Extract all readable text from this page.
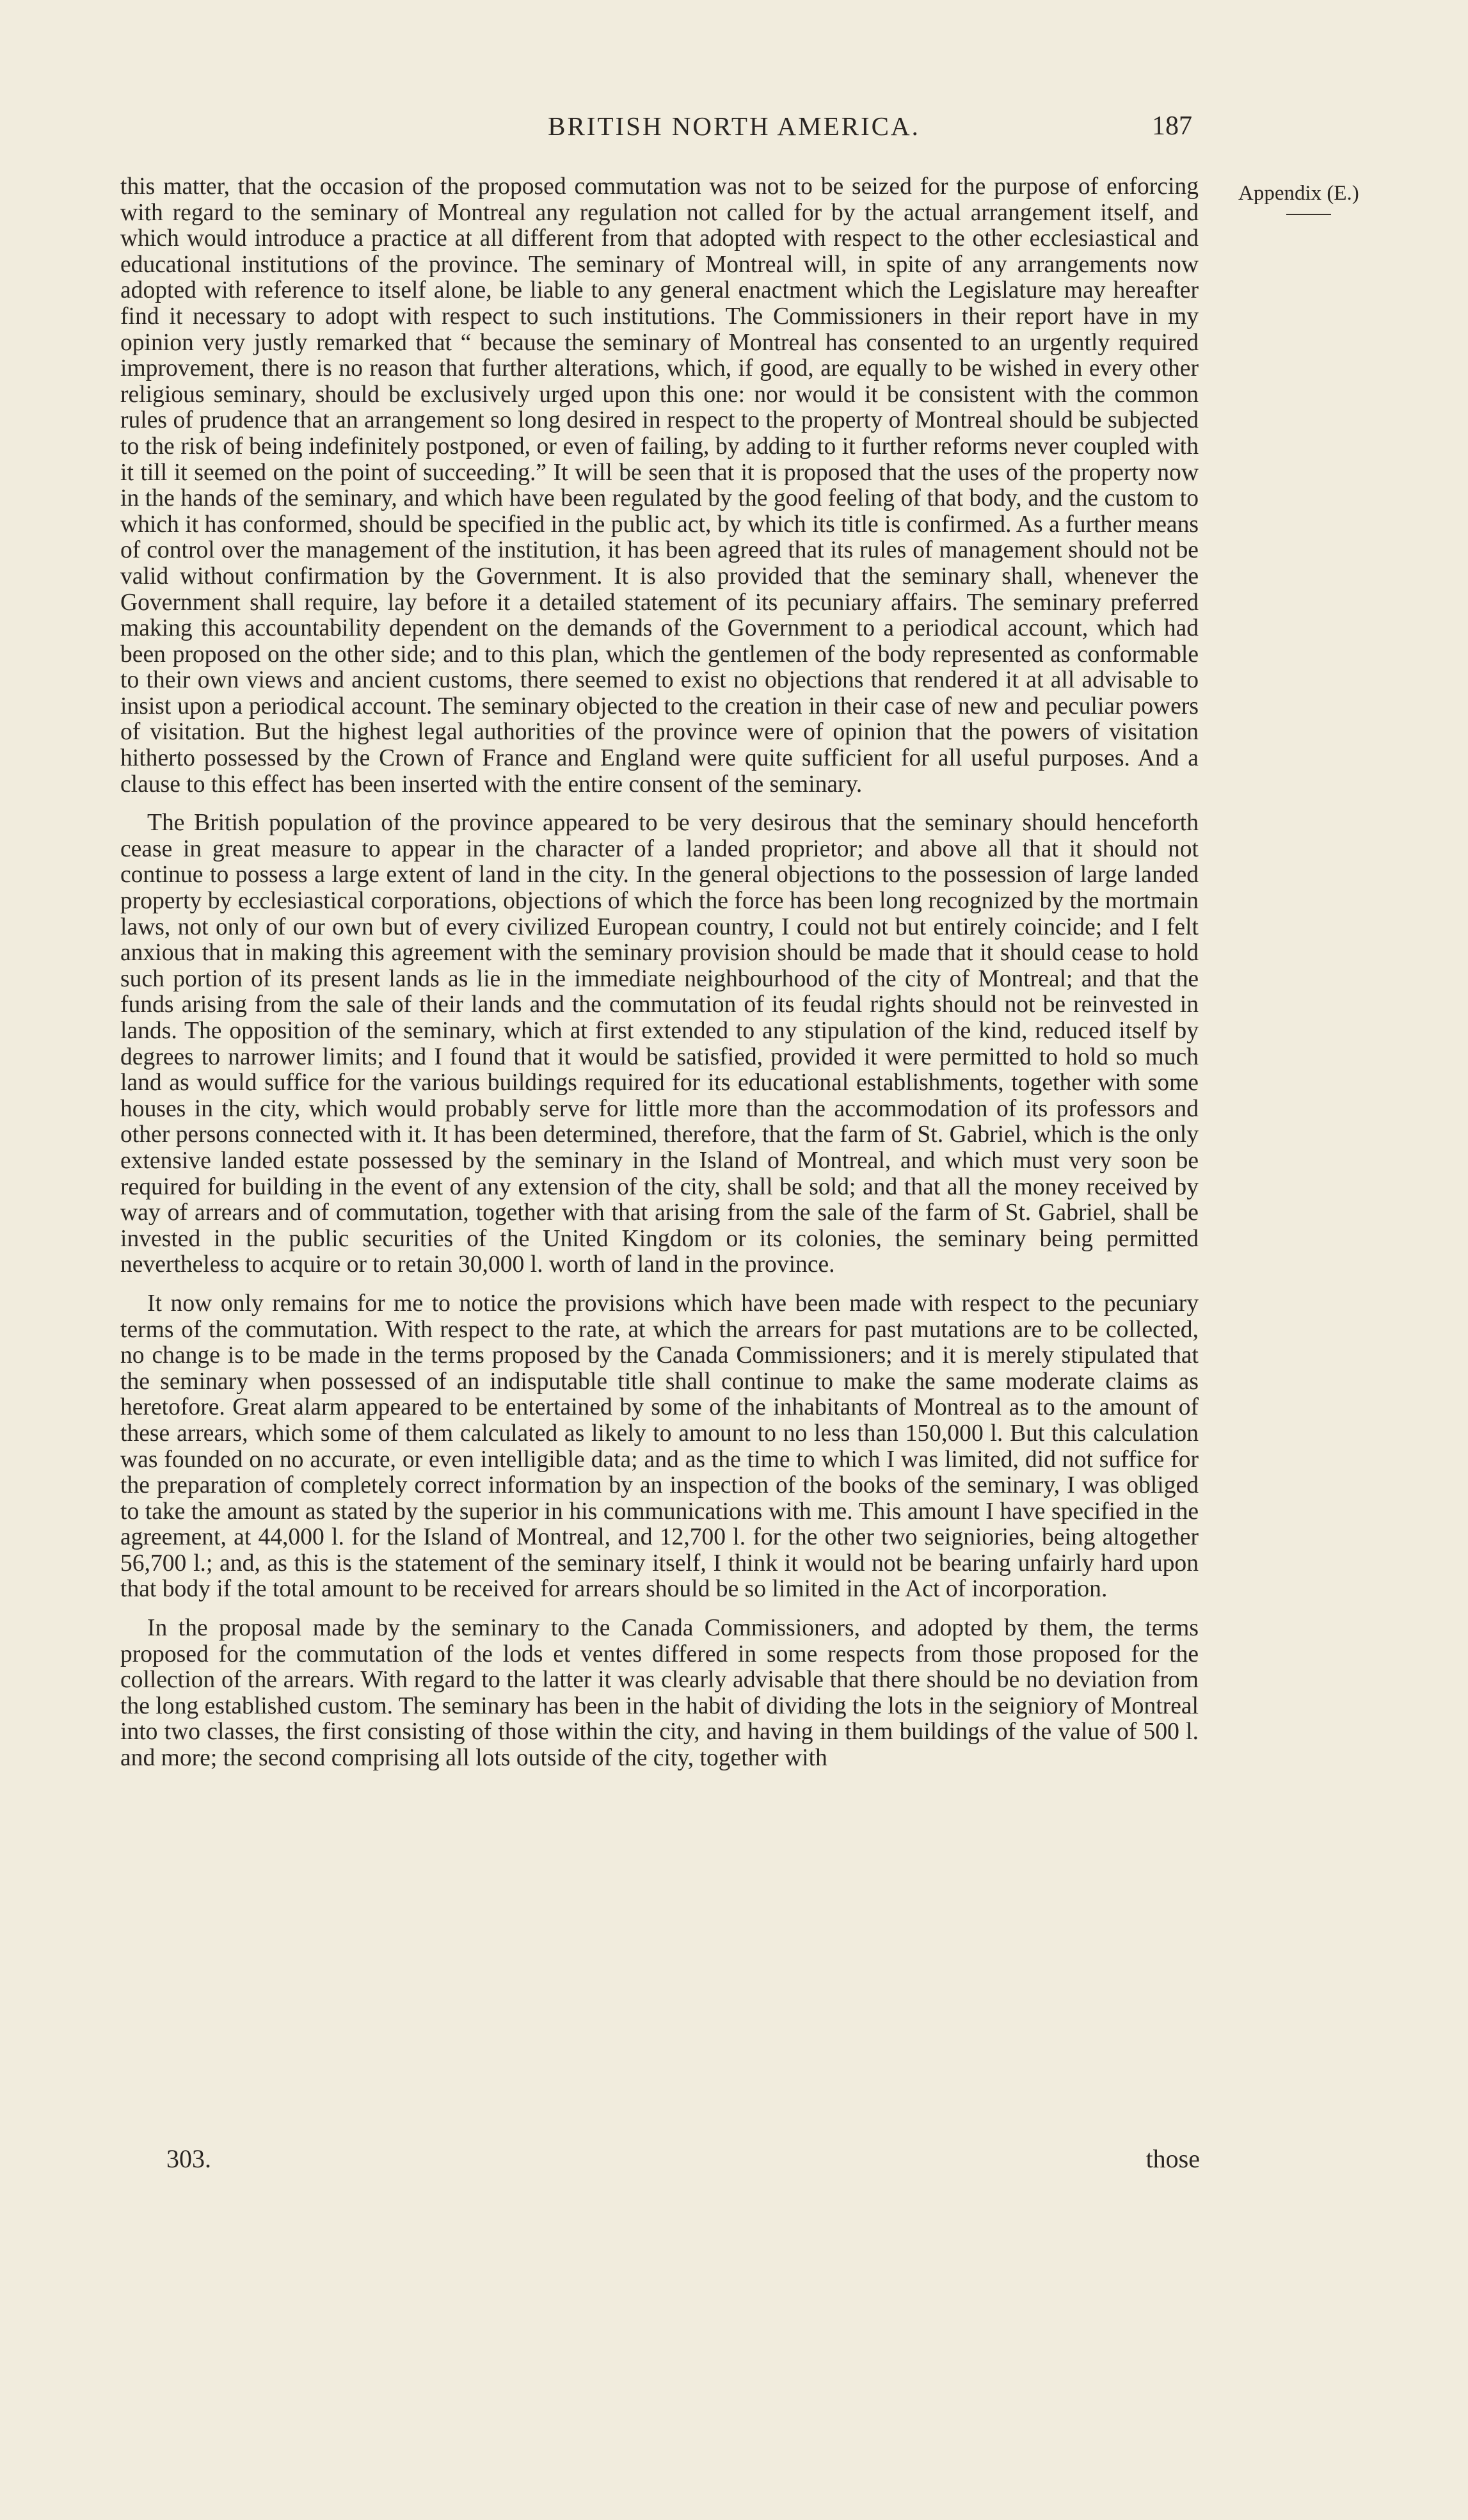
BRITISH NORTH AMERICA.	187
Appendix (E.)

this matter, that the occasion of the proposed commutation was not to be seized for the purpose of enforcing with regard to the seminary of Montreal any regulation not called for by the actual arrangement itself, and which would introduce a practice at all different from that adopted with respect to the other ecclesiastical and educational institutions of the province. The seminary of Montreal will, in spite of any arrangements now adopted with reference to itself alone, be liable to any general enactment which the Legislature may hereafter find it necessary to adopt with respect to such institutions. The Commissioners in their report have in my opinion very justly remarked that “ because the seminary of Montreal has consented to an urgently required improvement, there is no reason that further alterations, which, if good, are equally to be wished in every other religious seminary, should be exclusively urged upon this one: nor would it be consistent with the common rules of prudence that an arrangement so long desired in respect to the property of Montreal should be subjected to the risk of being indefinitely postponed, or even of failing, by adding to it further reforms never coupled with it till it seemed on the point of succeeding.” It will be seen that it is proposed that the uses of the property now in the hands of the seminary, and which have been regulated by the good feeling of that body, and the custom to which it has conformed, should be specified in the public act, by which its title is confirmed. As a further means of control over the management of the institution, it has been agreed that its rules of management should not be valid without confirmation by the Government. It is also provided that the seminary shall, whenever the Government shall require, lay before it a detailed statement of its pecuniary affairs. The seminary preferred making this accountability dependent on the demands of the Government to a periodical account, which had been proposed on the other side; and to this plan, which the gentlemen of the body represented as conformable to their own views and ancient customs, there seemed to exist no objections that rendered it at all advisable to insist upon a periodical account. The seminary objected to the creation in their case of new and peculiar powers of visitation. But the highest legal authorities of the province were of opinion that the powers of visitation hitherto possessed by the Crown of France and England were quite sufficient for all useful purposes. And a clause to this effect has been inserted with the entire consent of the seminary.

The British population of the province appeared to be very desirous that the seminary should henceforth cease in great measure to appear in the character of a landed proprietor; and above all that it should not continue to possess a large extent of land in the city. In the general objections to the possession of large landed property by ecclesiastical corporations, objections of which the force has been long recognized by the mortmain laws, not only of our own but of every civilized European country, I could not but entirely coincide; and I felt anxious that in making this agreement with the seminary provision should be made that it should cease to hold such portion of its present lands as lie in the immediate neighbourhood of the city of Montreal; and that the funds arising from the sale of their lands and the commutation of its feudal rights should not be reinvested in lands. The opposition of the seminary, which at first extended to any stipulation of the kind, reduced itself by degrees to narrower limits; and I found that it would be satisfied, provided it were permitted to hold so much land as would suffice for the various buildings required for its educational establishments, together with some houses in the city, which would probably serve for little more than the accommodation of its professors and other persons connected with it. It has been determined, therefore, that the farm of St. Gabriel, which is the only extensive landed estate possessed by the seminary in the Island of Montreal, and which must very soon be required for building in the event of any extension of the city, shall be sold; and that all the money received by way of arrears and of commutation, together with that arising from the sale of the farm of St. Gabriel, shall be invested in the public securities of the United Kingdom or its colonies, the seminary being permitted nevertheless to acquire or to retain 30,000 l. worth of land in the province.

It now only remains for me to notice the provisions which have been made with respect to the pecuniary terms of the commutation. With respect to the rate, at which the arrears for past mutations are to be collected, no change is to be made in the terms proposed by the Canada Commissioners; and it is merely stipulated that the seminary when possessed of an indisputable title shall continue to make the same moderate claims as heretofore. Great alarm appeared to be entertained by some of the inhabitants of Montreal as to the amount of these arrears, which some of them calculated as likely to amount to no less than 150,000 l. But this calculation was founded on no accurate, or even intelligible data; and as the time to which I was limited, did not suffice for the preparation of completely correct information by an inspection of the books of the seminary, I was obliged to take the amount as stated by the superior in his communications with me. This amount I have specified in the agreement, at 44,000 l. for the Island of Montreal, and 12,700 l. for the other two seigniories, being altogether 56,700 l.; and, as this is the statement of the seminary itself, I think it would not be bearing unfairly hard upon that body if the total amount to be received for arrears should be so limited in the Act of incorporation.

In the proposal made by the seminary to the Canada Commissioners, and adopted by them, the terms proposed for the commutation of the lods et ventes differed in some respects from those proposed for the collection of the arrears. With regard to the latter it was clearly advisable that there should be no deviation from the long established custom. The seminary has been in the habit of dividing the lots in the seigniory of Montreal into two classes, the first consisting of those within the city, and having in them buildings of the value of 500 l. and more; the second comprising all lots outside of the city, together with

303.	those
